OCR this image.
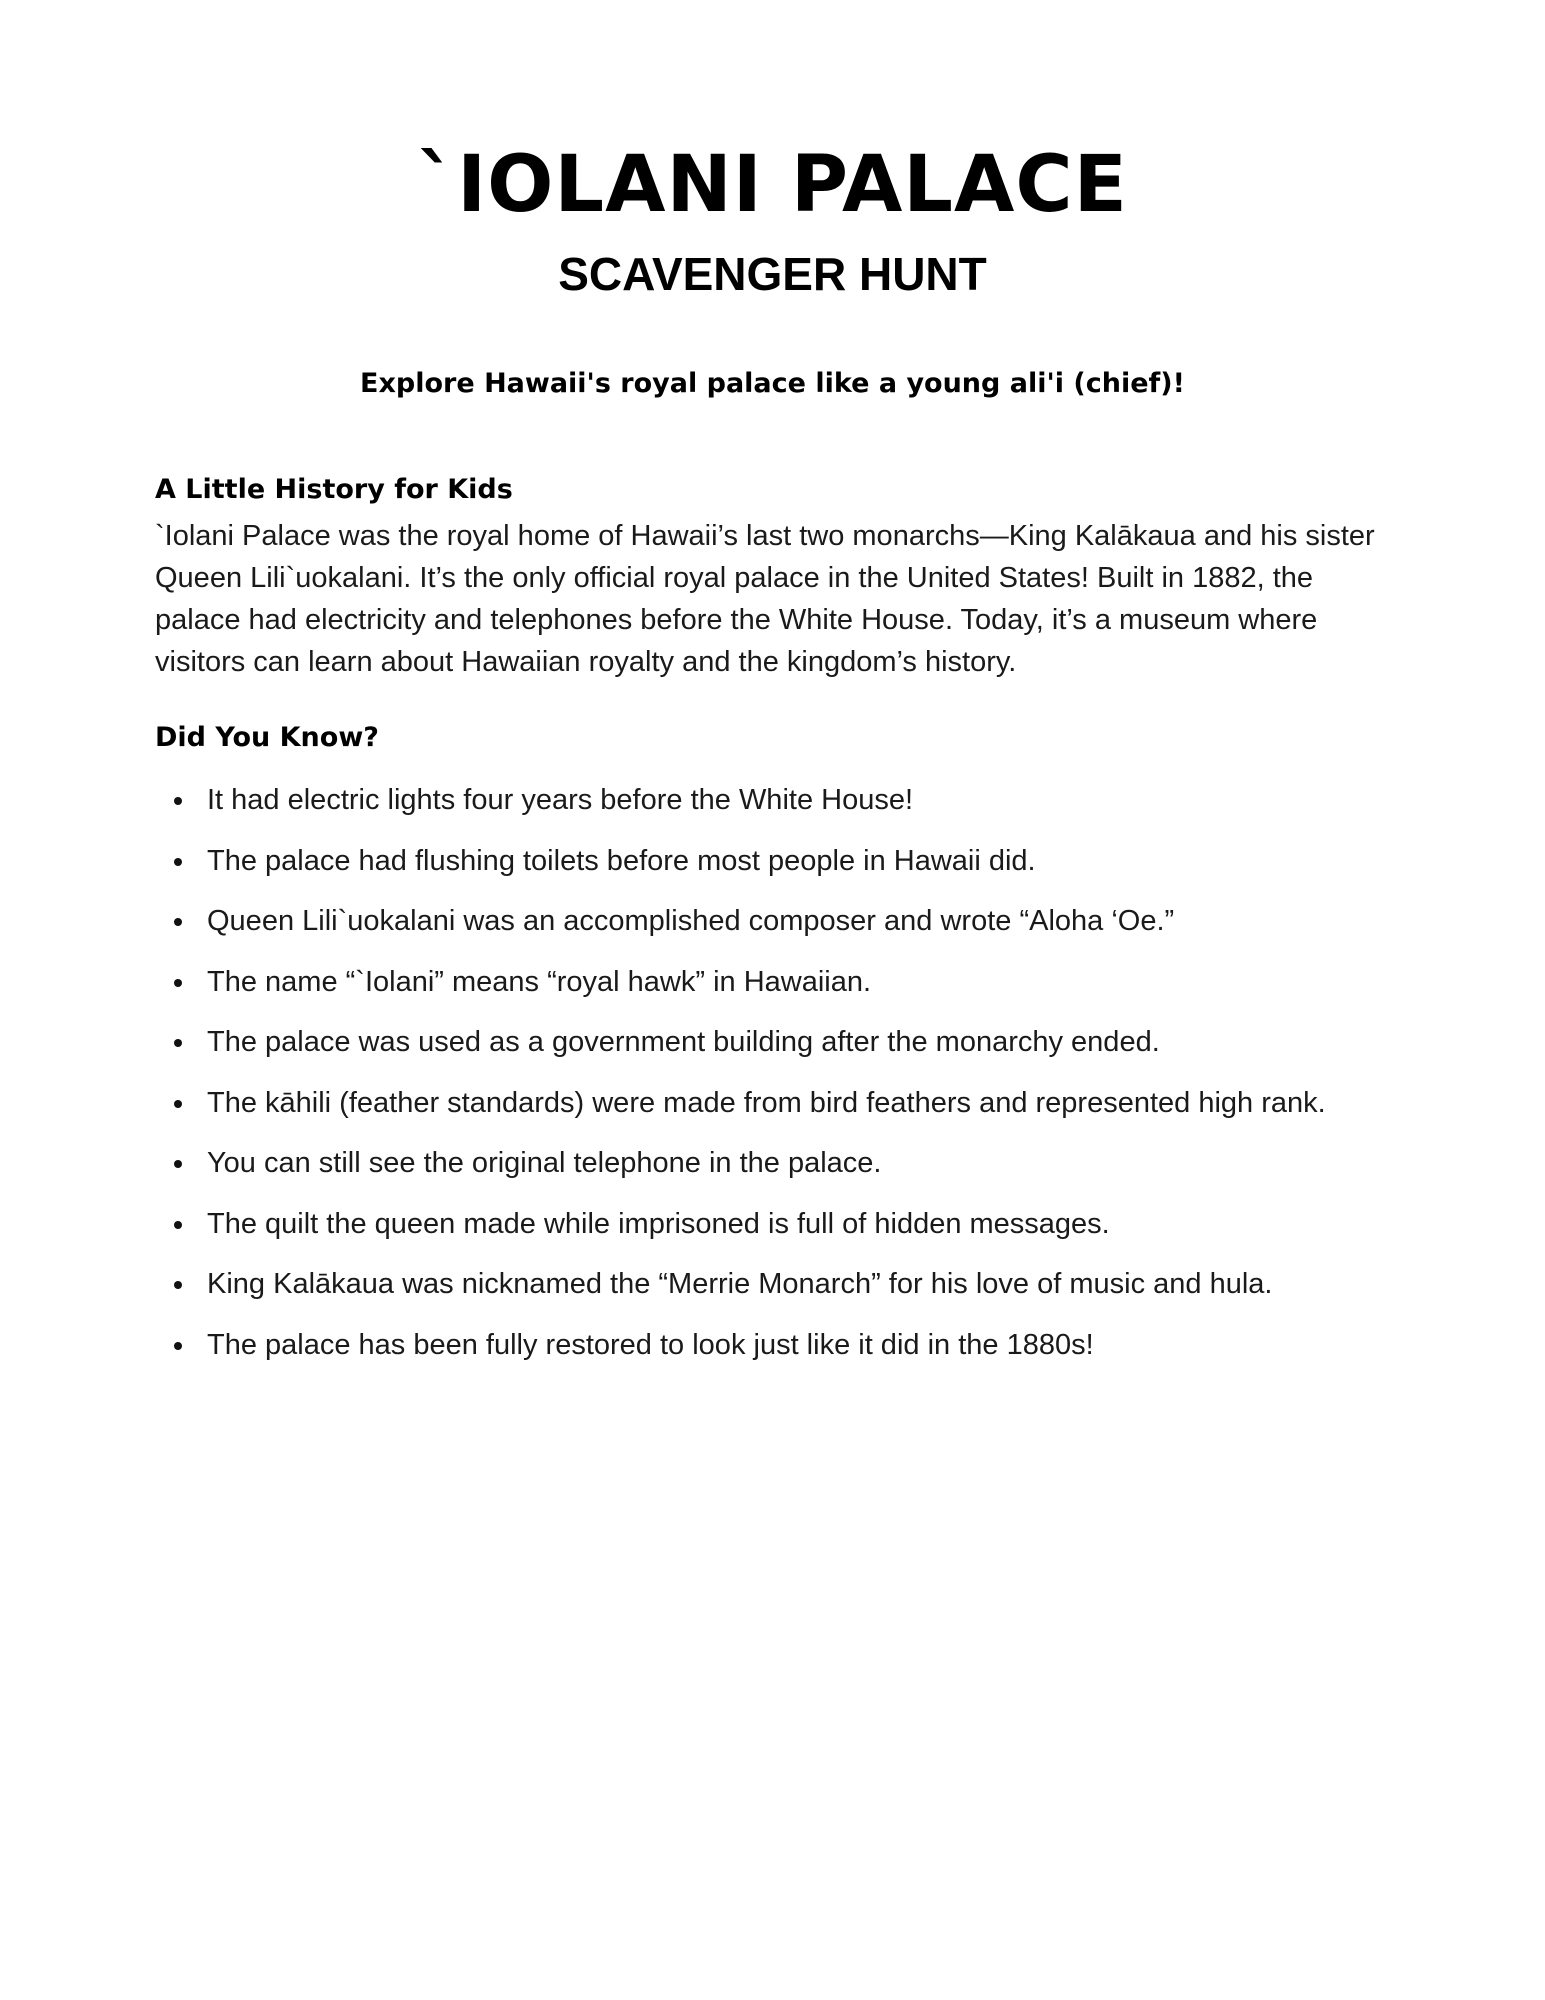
`IOLANI PALACE
SCAVENGER HUNT

Explore Hawaii's royal palace like a young ali'i (chief)!

A Little History for Kids

`Iolani Palace was the royal home of Hawaii’s last two monarchs—King Kalākaua and his sister Queen Lili`uokalani. It’s the only official royal palace in the United States! Built in 1882, the palace had electricity and telephones before the White House. Today, it’s a museum where visitors can learn about Hawaiian royalty and the kingdom’s history.

Did You Know?
It had electric lights four years before the White House!
The palace had flushing toilets before most people in Hawaii did.
Queen Lili`uokalani was an accomplished composer and wrote “Aloha ‘Oe.”
The name “`Iolani” means “royal hawk” in Hawaiian.
The palace was used as a government building after the monarchy ended.
The kāhili (feather standards) were made from bird feathers and represented high rank.
You can still see the original telephone in the palace.
The quilt the queen made while imprisoned is full of hidden messages.
King Kalākaua was nicknamed the “Merrie Monarch” for his love of music and hula.
The palace has been fully restored to look just like it did in the 1880s!
